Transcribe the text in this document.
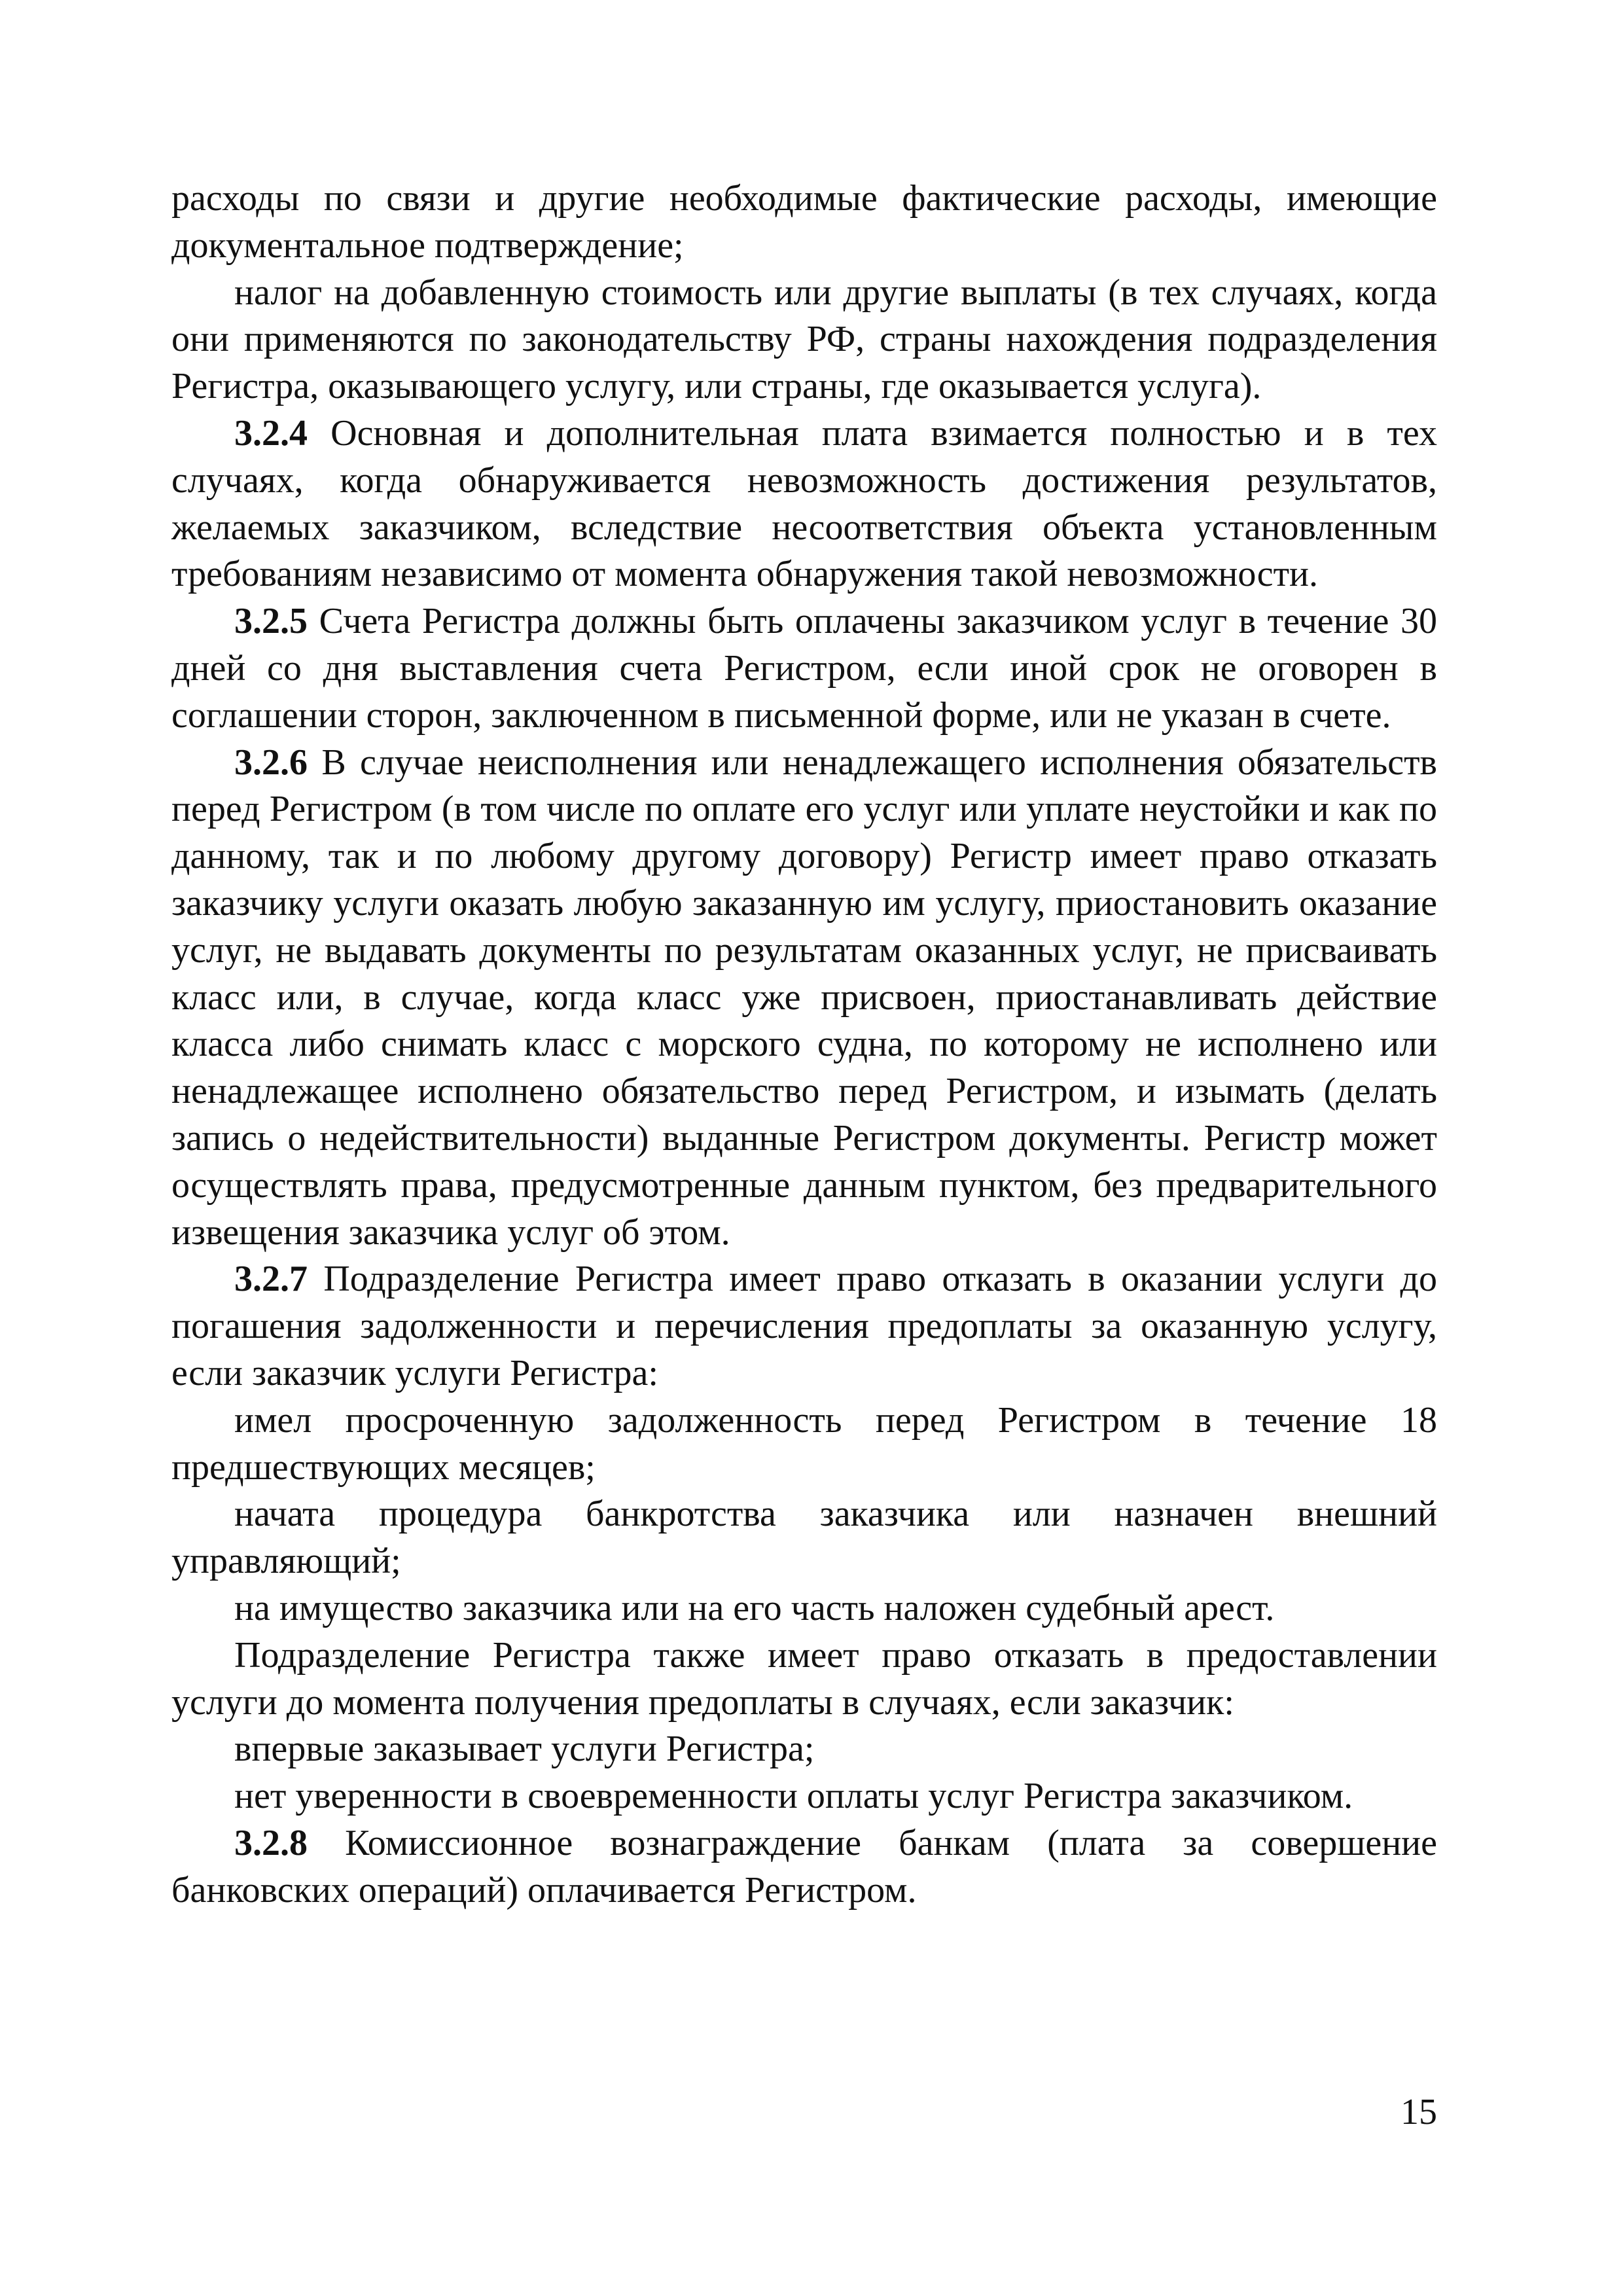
расходы по связи и другие необходимые фактические расходы, имеющие документальное подтверждение;

налог на добавленную стоимость или другие выплаты (в тех случаях, когда они применяются по законодательству РФ, страны нахождения подразделения Регистра, оказывающего услугу, или страны, где оказывается услуга).

3.2.4 Основная и дополнительная плата взимается полностью и в тех случаях, когда обнаруживается невозможность достижения результатов, желаемых заказчиком, вследствие несоответствия объекта установленным требованиям независимо от момента обнаружения такой невозможности.

3.2.5 Счета Регистра должны быть оплачены заказчиком услуг в течение 30 дней со дня выставления счета Регистром, если иной срок не оговорен в соглашении сторон, заключенном в письменной форме, или не указан в счете.

3.2.6 В случае неисполнения или ненадлежащего исполнения обязательств перед Регистром (в том числе по оплате его услуг или уплате неустойки и как по данному, так и по любому другому договору) Регистр имеет право отказать заказчику услуги оказать любую заказанную им услугу, приостановить оказание услуг, не выдавать документы по результатам оказанных услуг, не присваивать класс или, в случае, когда класс уже присвоен, приостанавливать действие класса либо снимать класс с морского судна, по которому не исполнено или ненадлежащее исполнено обязательство перед Регистром, и изымать (делать запись о недействительности) выданные Регистром документы. Регистр может осуществлять права, предусмотренные данным пунктом, без предварительного извещения заказчика услуг об этом.

3.2.7 Подразделение Регистра имеет право отказать в оказании услуги до погашения задолженности и перечисления предоплаты за оказанную услугу, если заказчик услуги Регистра:

имел просроченную задолженность перед Регистром в течение 18 предшествующих месяцев;

начата процедура банкротства заказчика или назначен внешний управляющий;

на имущество заказчика или на его часть наложен судебный арест.

Подразделение Регистра также имеет право отказать в предоставлении услуги до момента получения предоплаты в случаях, если заказчик:

впервые заказывает услуги Регистра;

нет уверенности в своевременности оплаты услуг Регистра заказчиком.

3.2.8 Комиссионное вознаграждение банкам (плата за совершение банковских операций) оплачивается Регистром.

15
